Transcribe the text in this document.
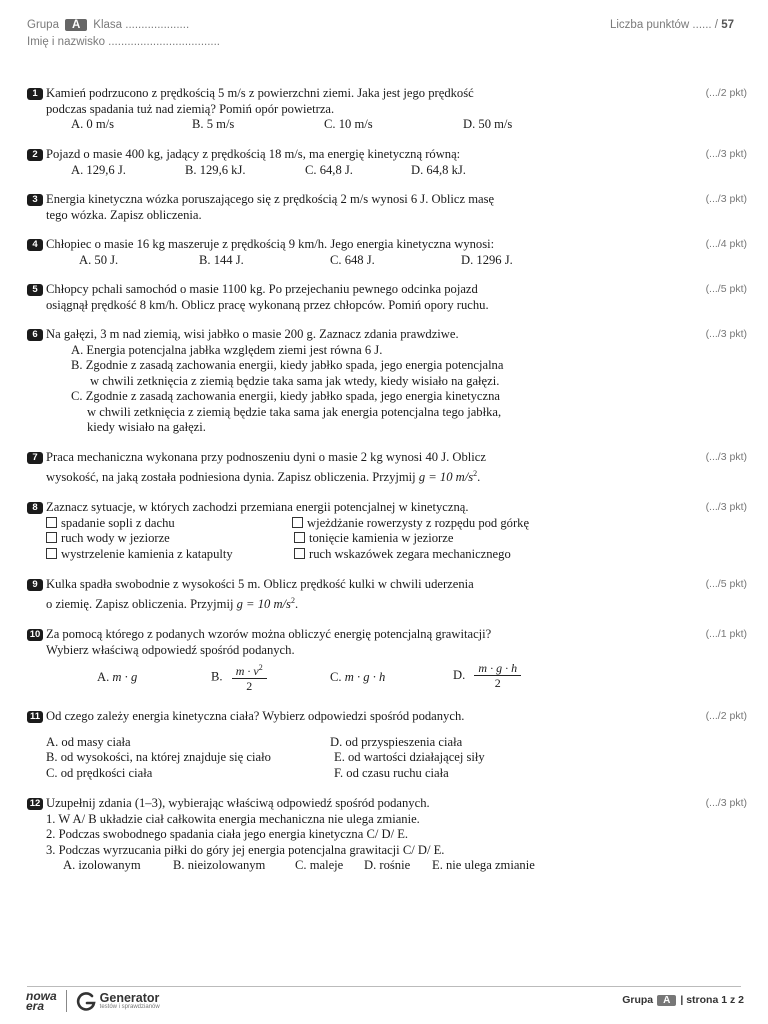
Grupa A Klasa ....................
Imię i nazwisko ...................................
Liczba punktów ...... / 57
(.../2 pkt)
1 Kamień podrzucono z prędkością 5 m/s z powierzchni ziemi. Jaka jest jego prędkość
podczas spadania tuż nad ziemią? Pomiń opór powietrza.
A. 0 m/s	B. 5 m/s	C. 10 m/s	D. 50 m/s
(.../3 pkt)
2 Pojazd o masie 400 kg, jadący z prędkością 18 m/s, ma energię kinetyczną równą:
A. 129,6 J.	B. 129,6 kJ.	C. 64,8 J.	D. 64,8 kJ.
(.../3 pkt)
3 Energia kinetyczna wózka poruszającego się z prędkością 2 m/s wynosi 6 J. Oblicz masę
tego wózka. Zapisz obliczenia.
(.../4 pkt)
4 Chłopiec o masie 16 kg maszeruje z prędkością 9 km/h. Jego energia kinetyczna wynosi:
A. 50 J.	B. 144 J.	C. 648 J.	D. 1296 J.
(.../5 pkt)
5 Chłopcy pchali samochód o masie 1100 kg. Po przejechaniu pewnego odcinka pojazd
osiągnął prędkość 8 km/h. Oblicz pracę wykonaną przez chłopców. Pomiń opory ruchu.
(.../3 pkt)
6 Na gałęzi, 3 m nad ziemią, wisi jabłko o masie 200 g. Zaznacz zdania prawdziwe.
A. Energia potencjalna jabłka względem ziemi jest równa 6 J.
B. Zgodnie z zasadą zachowania energii, kiedy jabłko spada, jego energia potencjalna
w chwili zetknięcia z ziemią będzie taka sama jak wtedy, kiedy wisiało na gałęzi.
C. Zgodnie z zasadą zachowania energii, kiedy jabłko spada, jego energia kinetyczna
w chwili zetknięcia z ziemią będzie taka sama jak energia potencjalna tego jabłka,
kiedy wisiało na gałęzi.
(.../3 pkt)
7 Praca mechaniczna wykonana przy podnoszeniu dyni o masie 2 kg wynosi 40 J. Oblicz
wysokość, na jaką została podniesiona dynia. Zapisz obliczenia. Przyjmij g = 10 $m/s^2$.
(.../3 pkt)
8 Zaznacz sytuacje, w których zachodzi przemiana energii potencjalnej w kinetyczną.
spadanie sopli z dachu	wjeżdżanie rowerzysty z rozpędu pod górkę
ruch wody w jeziorze	tonięcie kamienia w jeziorze
wystrzelenie kamienia z katapulty	ruch wskazówek zegara mechanicznego
(.../5 pkt)
9 Kulka spadła swobodnie z wysokości 5 m. Oblicz prędkość kulki w chwili uderzenia
o ziemię. Zapisz obliczenia. Przyjmij g = 10 $m/s^2$.
(.../1 pkt)
10 Za pomocą którego z podanych wzorów można obliczyć energię potencjalną grawitacji?
Wybierz właściwą odpowiedź spośród podanych.
A. m · g	B. $\frac{m \cdot v^2}{2}$	C. m · g · h	D. $\frac{m \cdot g \cdot h}{2}$
(.../2 pkt)
11 Od czego zależy energia kinetyczna ciała? Wybierz odpowiedzi spośród podanych.
A. od masy ciała	D. od przyspieszenia ciała
B. od wysokości, na której znajduje się ciało	E. od wartości działającej siły
C. od prędkości ciała	F. od czasu ruchu ciała
(.../3 pkt)
12 Uzupełnij zdania (1–3), wybierając właściwą odpowiedź spośród podanych.
1. W A/ B układzie ciał całkowita energia mechaniczna nie ulega zmianie.
2. Podczas swobodnego spadania ciała jego energia kinetyczna C/ D/ E.
3. Podczas wyrzucania piłki do góry jej energia potencjalna grawitacji C/ D/ E.
A. izolowanym	B. nieizolowanym C. maleje D. rośnie E. nie ulega zmianie
nowa
era
Generator
testów i sprawdzianów
Grupa A | strona 1 z 2
